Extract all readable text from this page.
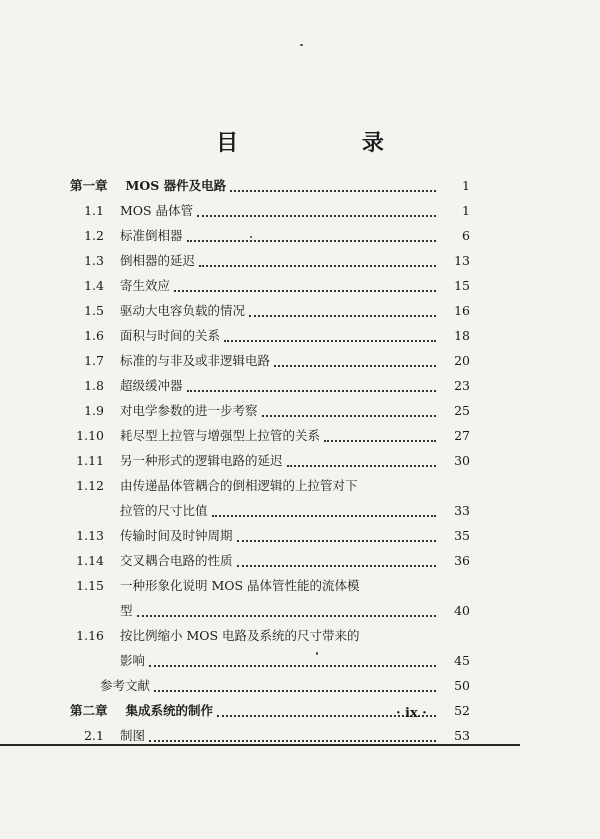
目 录
第一章 MOS 器件及电路	1
1.1	MOS 晶体管	1
1.2	标准倒相器	6
1.3	倒相器的延迟	13
1.4	寄生效应	15
1.5	驱动大电容负载的情况	16
1.6	面积与时间的关系	18
1.7	标准的与非及或非逻辑电路	20
1.8	超级缓冲器	23
1.9	对电学参数的进一步考察	25
1.10	耗尽型上拉管与增强型上拉管的关系	27
1.11	另一种形式的逻辑电路的延迟	30
1.12	由传递晶体管耦合的倒相逻辑的上拉管对下
拉管的尺寸比值	33
1.13	传输时间及时钟周期	35
1.14	交叉耦合电路的性质	36
1.15	一种形象化说明 MOS 晶体管性能的流体模
型	40
1.16	按比例缩小 MOS 电路及系统的尺寸带来的
影响	45
参考文献	50
第二章 集成系统的制作	52
2.1	制图	53
· ix ·
